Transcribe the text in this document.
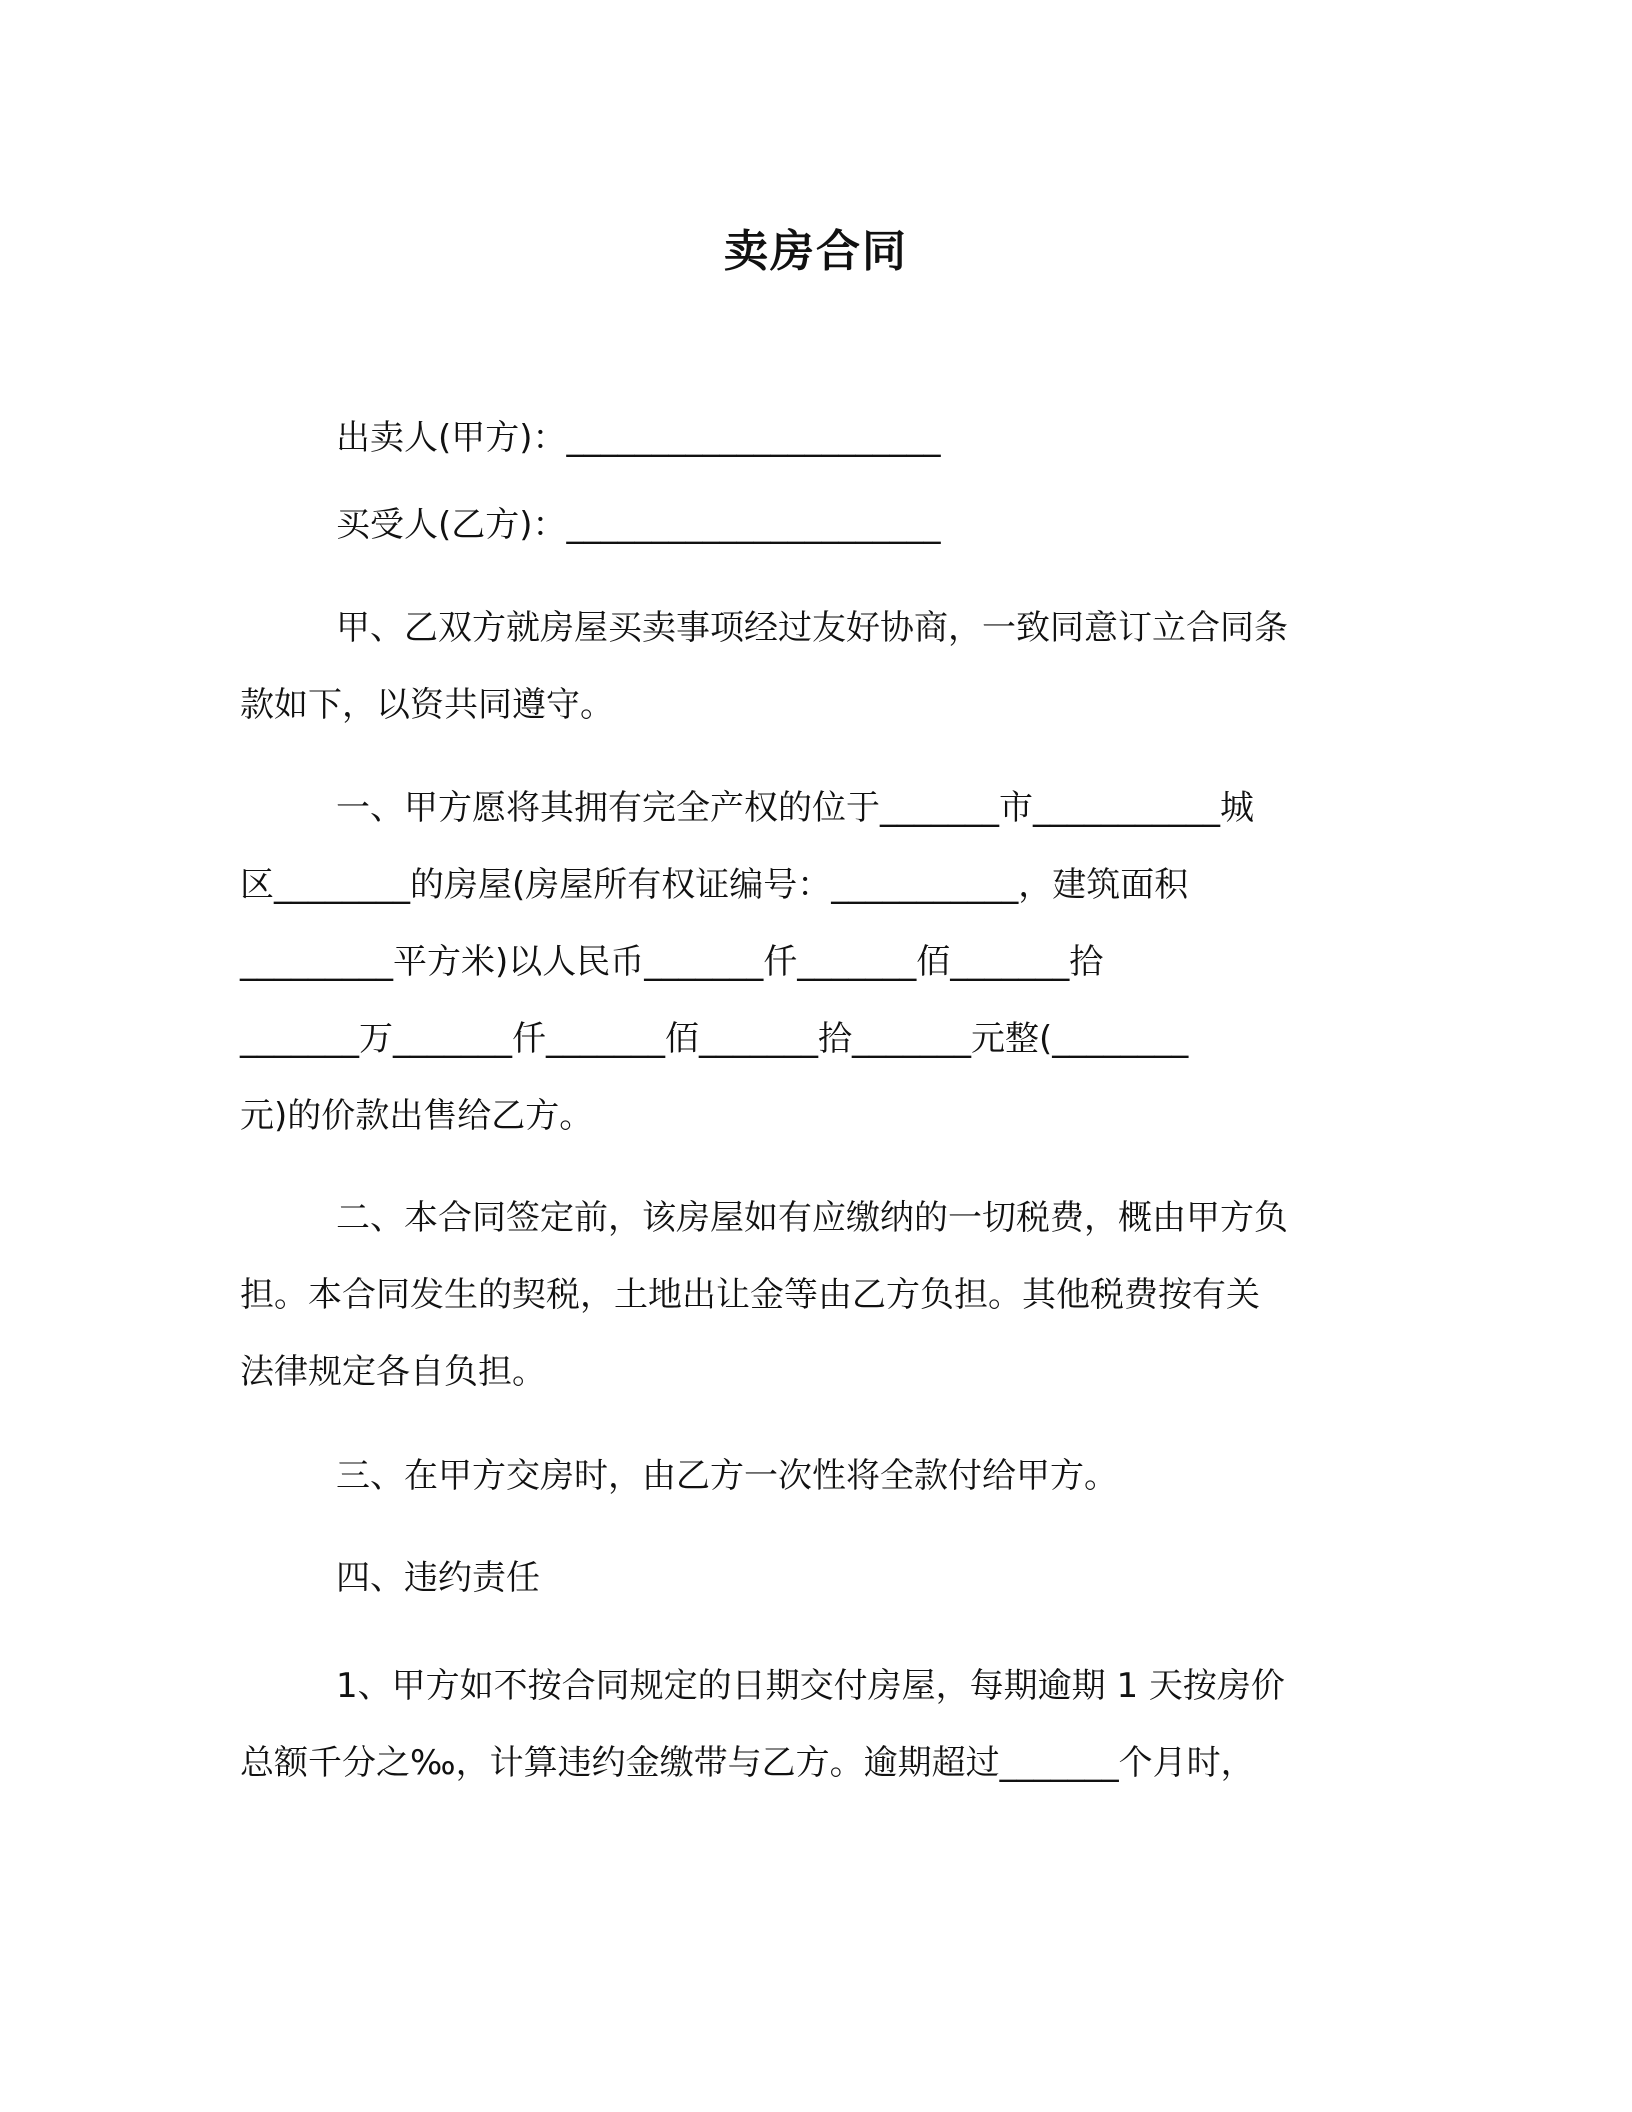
卖房合同
出卖人(甲方)：______________________
买受人(乙方)：______________________
甲、乙双方就房屋买卖事项经过友好协商，一致同意订立合同条
款如下，以资共同遵守。
一、甲方愿将其拥有完全产权的位于_______市___________城
区________的房屋(房屋所有权证编号：___________，建筑面积
_________平方米)以人民币_______仟_______佰_______拾
_______万_______仟_______佰_______拾_______元整(________
元)的价款出售给乙方。
二、本合同签定前，该房屋如有应缴纳的一切税费，概由甲方负
担。本合同发生的契税，土地出让金等由乙方负担。其他税费按有关
法律规定各自负担。
三、在甲方交房时，由乙方一次性将全款付给甲方。
四、违约责任
1、甲方如不按合同规定的日期交付房屋，每期逾期 1 天按房价
总额千分之‰，计算违约金缴带与乙方。逾期超过_______个月时，
